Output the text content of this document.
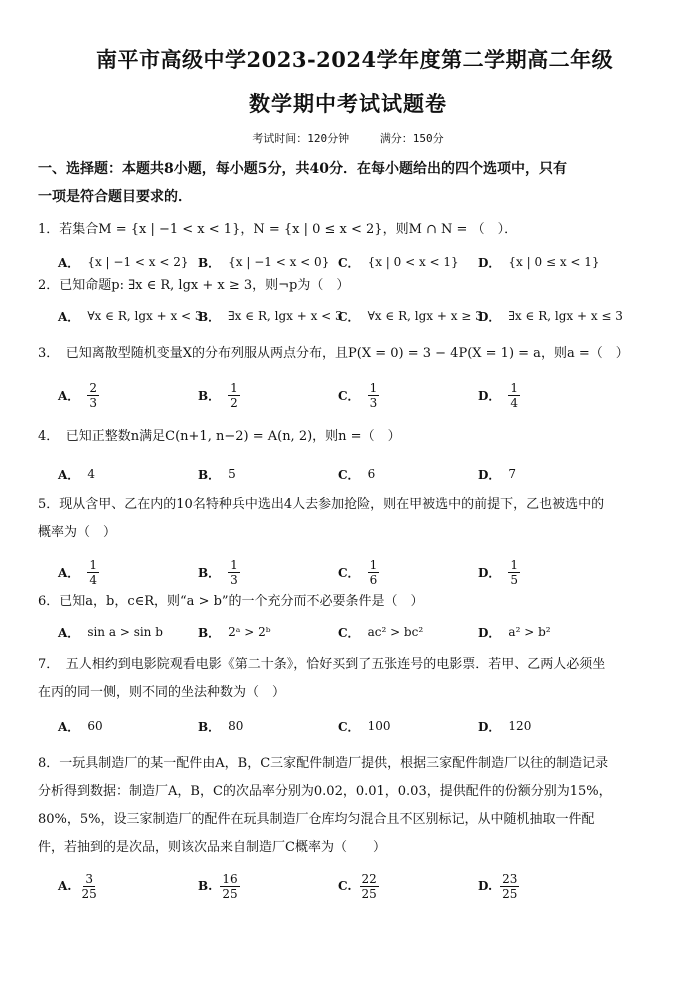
南平市高级中学2023-2024学年度第二学期高二年级
数学期中考试试题卷
考试时间：120分钟	满分：150分
一、选择题：本题共8小题，每小题5分，共40分．在每小题给出的四个选项中，只有
一项是符合题目要求的．
1．若集合M = {x | −1 < x < 1}，N = {x | 0 ≤ x < 2}，则M ∩ N = （　）．
A． {x | −1 < x < 2} B． {x | −1 < x < 0} C． {x | 0 < x < 1} D． {x | 0 ≤ x < 1}
2．已知命题p: ∃x ∈ R, lgx + x ≥ 3，则¬p为（　）
A． ∀x ∈ R, lgx + x < 3
B． ∃x ∈ R, lgx + x < 3
C． ∀x ∈ R, lgx + x ≥ 3
D． ∃x ∈ R, lgx + x ≤ 3
3．　已知离散型随机变量X的分布列服从两点分布，且P(X = 0) = 3 − 4P(X = 1) = a，则a =（　）
A． $\frac{2}{3}$	B． $\frac{1}{2}$	C． $\frac{1}{3}$	D． $\frac{1}{4}$
4．　已知正整数n满足C(n+1, n−2) = A(n, 2)，则n =（　）
A． 4	B． 5	C． 6	D． 7
5．现从含甲、乙在内的10名特种兵中选出4人去参加抢险，则在甲被选中的前提下，乙也被选中的
概率为（　）
A． $\frac{1}{4}$	B． $\frac{1}{3}$	C． $\frac{1}{6}$	D． $\frac{1}{5}$
6．已知a，b，c∈R，则“a > b”的一个充分而不必要条件是（　）
A． sin a > sin b	B． 2ᵃ > 2ᵇ	C． ac² > bc²	D． a² > b²
7．　五人相约到电影院观看电影《第二十条》，恰好买到了五张连号的电影票．若甲、乙两人必须坐
在丙的同一侧，则不同的坐法种数为（　）
A． 60	B． 80	C． 100	D． 120
8．一玩具制造厂的某一配件由A，B，C三家配件制造厂提供，根据三家配件制造厂以往的制造记录
分析得到数据：制造厂A，B，C的次品率分别为0.02，0.01，0.03，提供配件的份额分别为15%，
80%，5%，设三家制造厂的配件在玩具制造厂仓库均匀混合且不区别标记，从中随机抽取一件配
件，若抽到的是次品，则该次品来自制造厂C概率为（　　）
A. $\frac{3}{25}$	B. $\frac{16}{25}$	C. $\frac{22}{25}$	D. $\frac{23}{25}$
